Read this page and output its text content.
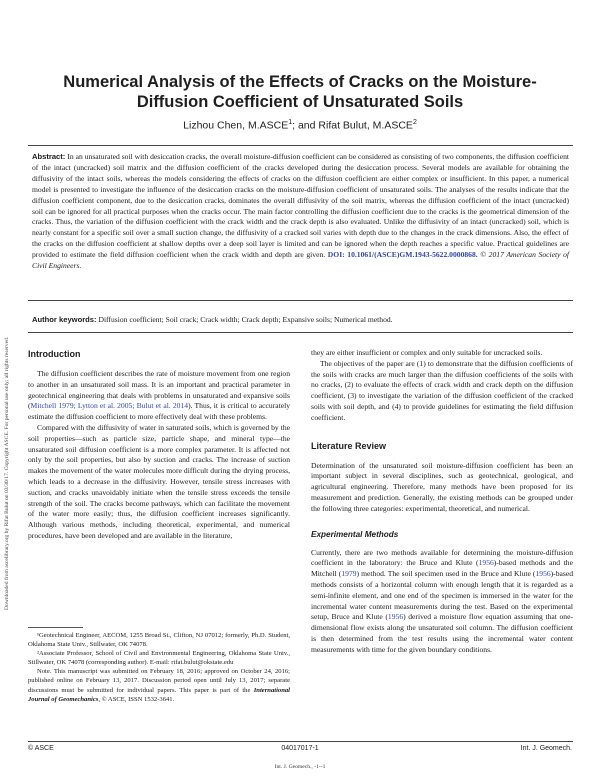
Downloaded from ascelibrary.org by Rifat Bulut on 03/30/17. Copyright ASCE. For personal use only; all rights reserved.
Numerical Analysis of the Effects of Cracks on the Moisture-Diffusion Coefficient of Unsaturated Soils
Lizhou Chen, M.ASCE$^1$; and Rifat Bulut, M.ASCE$^2$

Abstract: In an unsaturated soil with desiccation cracks, the overall moisture-diffusion coefficient can be considered as consisting of two components, the diffusion coefficient of the intact (uncracked) soil matrix and the diffusion coefficient of the cracks developed during the desiccation process. Several models are available for obtaining the diffusivity of the intact soils, whereas the models considering the effects of cracks on the diffusion coefficient are either complex or insufficient. In this paper, a numerical model is presented to investigate the influence of the desiccation cracks on the moisture-diffusion coefficient of unsaturated soils. The analyses of the results indicate that the diffusion coefficient component, due to the desiccation cracks, dominates the overall diffusivity of the soil matrix, whereas the diffusion coefficient of the intact (uncracked) soil can be ignored for all practical purposes when the cracks occur. The main factor controlling the diffusion coefficient due to the cracks is the geometrical dimension of the cracks. Thus, the variation of the diffusion coefficient with the crack width and the crack depth is also evaluated. Unlike the diffusivity of an intact (uncracked) soil, which is nearly constant for a specific soil over a small suction change, the diffusivity of a cracked soil varies with depth due to the changes in the crack dimensions. Also, the effect of the cracks on the diffusion coefficient at shallow depths over a deep soil layer is limited and can be ignored when the depth reaches a specific value. Practical guidelines are provided to estimate the field diffusion coefficient when the crack width and depth are given. DOI: 10.1061/(ASCE)GM.1943-5622.0000868. © 2017 American Society of Civil Engineers.

Author keywords: Diffusion coefficient; Soil crack; Crack width; Crack depth; Expansive soils; Numerical method.
Introduction

The diffusion coefficient describes the rate of moisture movement from one region to another in an unsaturated soil mass. It is an important and practical parameter in geotechnical engineering that deals with problems in unsaturated and expansive soils (Mitchell 1979; Lytton et al. 2005; Bulut et al. 2014). Thus, it is critical to accurately estimate the diffusion coefficient to more effectively deal with these problems.

Compared with the diffusivity of water in saturated soils, which is governed by the soil properties—such as particle size, particle shape, and mineral type—the unsaturated soil diffusion coefficient is a more complex parameter. It is affected not only by the soil properties, but also by suction and cracks. The increase of suction makes the movement of the water molecules more difficult during the drying process, which leads to a decrease in the diffusivity. However, tensile stress increases with suction, and cracks unavoidably initiate when the tensile stress exceeds the tensile strength of the soil. The cracks become pathways, which can facilitate the movement of the water more easily; thus, the diffusion coefficient increases significantly. Although various methods, including theoretical, experimental, and numerical procedures, have been developed and are available in the literature,

¹Geotechnical Engineer, AECOM, 1255 Broad St., Clifton, NJ 07012; formerly, Ph.D. Student, Oklahoma State Univ., Stillwater, OK 74078.

²Associate Professor, School of Civil and Environmental Engineering, Oklahoma State Univ., Stillwater, OK 74078 (corresponding author). E-mail: rifat.bulut@okstate.edu

Note. This manuscript was submitted on February 18, 2016; approved on October 24, 2016; published online on February 13, 2017. Discussion period open until July 13, 2017; separate discussions must be submitted for individual papers. This paper is part of the International Journal of Geomechanics, © ASCE, ISSN 1532-3641.

they are either insufficient or complex and only suitable for uncracked soils.

The objectives of the paper are (1) to demonstrate that the diffusion coefficients of the soils with cracks are much larger than the diffusion coefficients of the soils with no cracks, (2) to evaluate the effects of crack width and crack depth on the diffusion coefficient, (3) to investigate the variation of the diffusion coefficient of the cracked soils with soil depth, and (4) to provide guidelines for estimating the field diffusion coefficient.

Literature Review

Determination of the unsaturated soil moisture-diffusion coefficient has been an important subject in several disciplines, such as geotechnical, geological, and agricultural engineering. Therefore, many methods have been proposed for its measurement and prediction. Generally, the existing methods can be grouped under the following three categories: experimental, theoretical, and numerical.

Experimental Methods

Currently, there are two methods available for determining the moisture-diffusion coefficient in the laboratory: the Bruce and Klute (1956)-based methods and the Mitchell (1979) method. The soil specimen used in the Bruce and Klute (1956)-based methods consists of a horizontal column with enough length that it is regarded as a semi-infinite element, and one end of the specimen is immersed in the water for the incremental water content measurements during the test. Based on the experimental setup, Bruce and Klute (1956) derived a moisture flow equation assuming that one-dimensional flow exists along the unsaturated soil column. The diffusion coefficient is then determined from the test results using the incremental water content measurements with time for the given boundary conditions.

© ASCE	04017017-1	Int. J. Geomech.
Int. J. Geomech., -1--1
